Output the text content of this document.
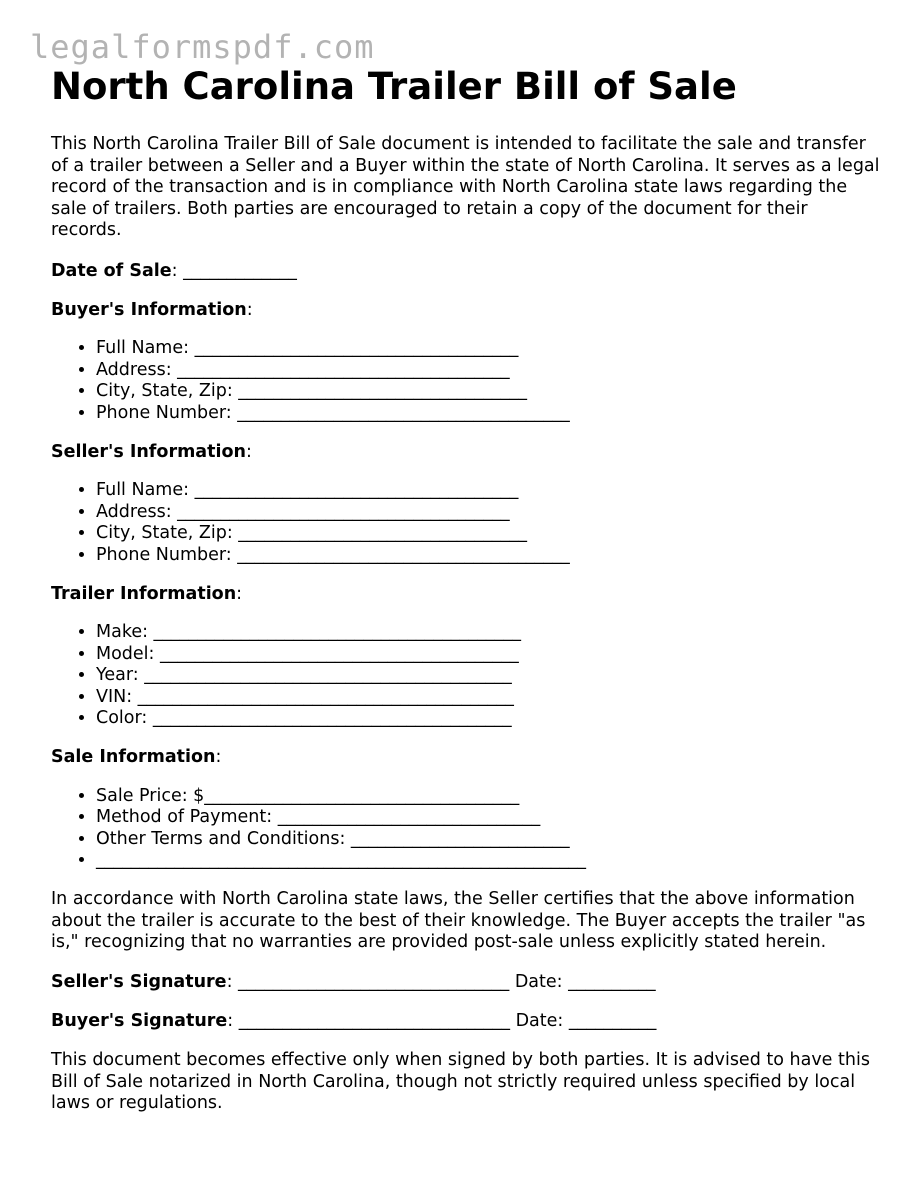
legalformspdf.com
North Carolina Trailer Bill of Sale

This North Carolina Trailer Bill of Sale document is intended to facilitate the sale and transfer of a trailer between a Seller and a Buyer within the state of North Carolina. It serves as a legal record of the transaction and is in compliance with North Carolina state laws regarding the sale of trailers. Both parties are encouraged to retain a copy of the document for their records.

Date of Sale: _____________

Buyer's Information:

• Full Name: _____________________________________
• Address: ______________________________________
• City, State, Zip: _________________________________
• Phone Number: ______________________________________

Seller's Information:

• Full Name: _____________________________________
• Address: ______________________________________
• City, State, Zip: _________________________________
• Phone Number: ______________________________________

Trailer Information:

• Make: __________________________________________
• Model: _________________________________________
• Year: __________________________________________
• VIN: ___________________________________________
• Color: _________________________________________

Sale Information:

• Sale Price: $____________________________________
• Method of Payment: ______________________________
• Other Terms and Conditions: _________________________
• ________________________________________________________

In accordance with North Carolina state laws, the Seller certifies that the above information about the trailer is accurate to the best of their knowledge. The Buyer accepts the trailer "as is," recognizing that no warranties are provided post-sale unless explicitly stated herein.

Seller's Signature: _______________________________ Date: __________

Buyer's Signature: _______________________________ Date: __________

This document becomes effective only when signed by both parties. It is advised to have this Bill of Sale notarized in North Carolina, though not strictly required unless specified by local laws or regulations.
